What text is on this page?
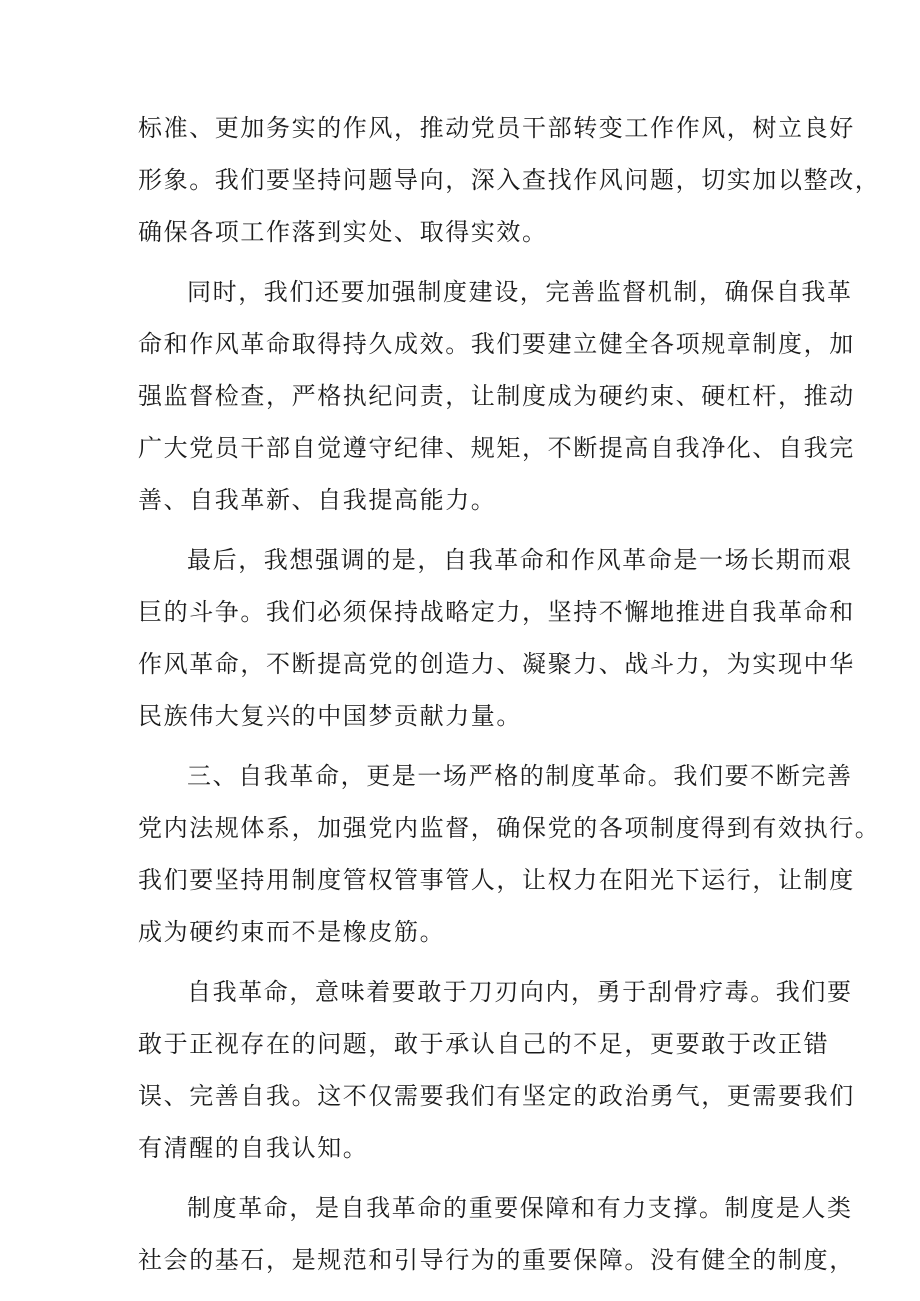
标准、更加务实的作风，推动党员干部转变工作作风，树立良好
形象。我们要坚持问题导向，深入查找作风问题，切实加以整改，
确保各项工作落到实处、取得实效。
同时，我们还要加强制度建设，完善监督机制，确保自我革
命和作风革命取得持久成效。我们要建立健全各项规章制度，加
强监督检查，严格执纪问责，让制度成为硬约束、硬杠杆，推动
广大党员干部自觉遵守纪律、规矩，不断提高自我净化、自我完
善、自我革新、自我提高能力。
最后，我想强调的是，自我革命和作风革命是一场长期而艰
巨的斗争。我们必须保持战略定力，坚持不懈地推进自我革命和
作风革命，不断提高党的创造力、凝聚力、战斗力，为实现中华
民族伟大复兴的中国梦贡献力量。
三、自我革命，更是一场严格的制度革命。我们要不断完善
党内法规体系，加强党内监督，确保党的各项制度得到有效执行。
我们要坚持用制度管权管事管人，让权力在阳光下运行，让制度
成为硬约束而不是橡皮筋。
自我革命，意味着要敢于刀刃向内，勇于刮骨疗毒。我们要
敢于正视存在的问题，敢于承认自己的不足，更要敢于改正错
误、完善自我。这不仅需要我们有坚定的政治勇气，更需要我们
有清醒的自我认知。
制度革命，是自我革命的重要保障和有力支撑。制度是人类
社会的基石，是规范和引导行为的重要保障。没有健全的制度，
